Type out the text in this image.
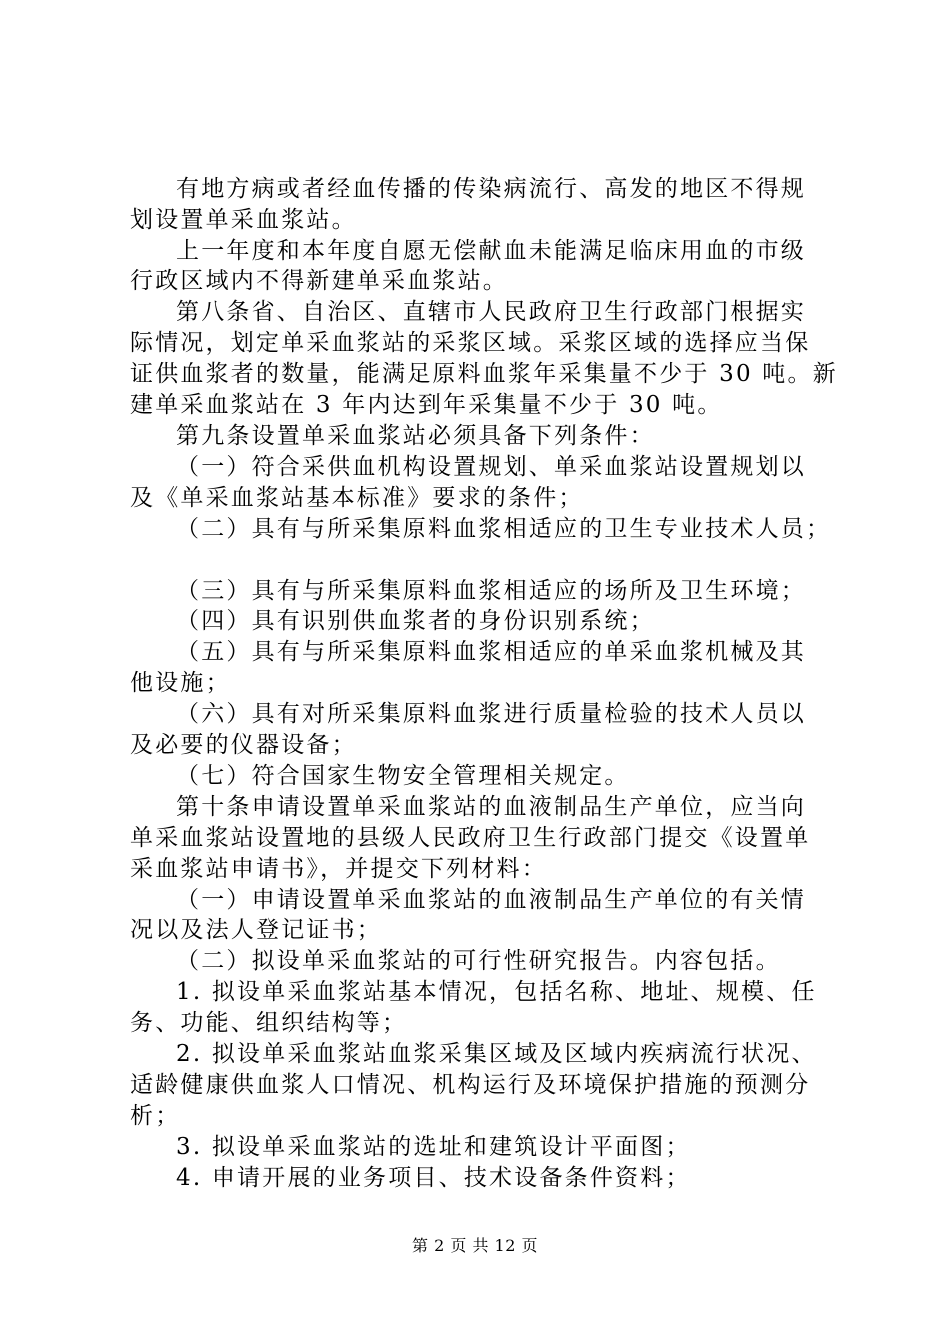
有地方病或者经血传播的传染病流行、高发的地区不得规
划设置单采血浆站。
上一年度和本年度自愿无偿献血未能满足临床用血的市级
行政区域内不得新建单采血浆站。
第八条省、自治区、直辖市人民政府卫生行政部门根据实
际情况，划定单采血浆站的采浆区域。采浆区域的选择应当保
证供血浆者的数量，能满足原料血浆年采集量不少于 30 吨。新
建单采血浆站在 3 年内达到年采集量不少于 30 吨。
第九条设置单采血浆站必须具备下列条件：
（一）符合采供血机构设置规划、单采血浆站设置规划以
及《单采血浆站基本标准》要求的条件；
（二）具有与所采集原料血浆相适应的卫生专业技术人员；
（三）具有与所采集原料血浆相适应的场所及卫生环境；
（四）具有识别供血浆者的身份识别系统；
（五）具有与所采集原料血浆相适应的单采血浆机械及其
他设施；
（六）具有对所采集原料血浆进行质量检验的技术人员以
及必要的仪器设备；
（七）符合国家生物安全管理相关规定。
第十条申请设置单采血浆站的血液制品生产单位，应当向
单采血浆站设置地的县级人民政府卫生行政部门提交《设置单
采血浆站申请书》，并提交下列材料：
（一）申请设置单采血浆站的血液制品生产单位的有关情
况以及法人登记证书；
（二）拟设单采血浆站的可行性研究报告。内容包括。
1. 拟设单采血浆站基本情况，包括名称、地址、规模、任
务、功能、组织结构等；
2. 拟设单采血浆站血浆采集区域及区域内疾病流行状况、
适龄健康供血浆人口情况、机构运行及环境保护措施的预测分
析；
3. 拟设单采血浆站的选址和建筑设计平面图；
4. 申请开展的业务项目、技术设备条件资料；
第 2 页 共 12 页
